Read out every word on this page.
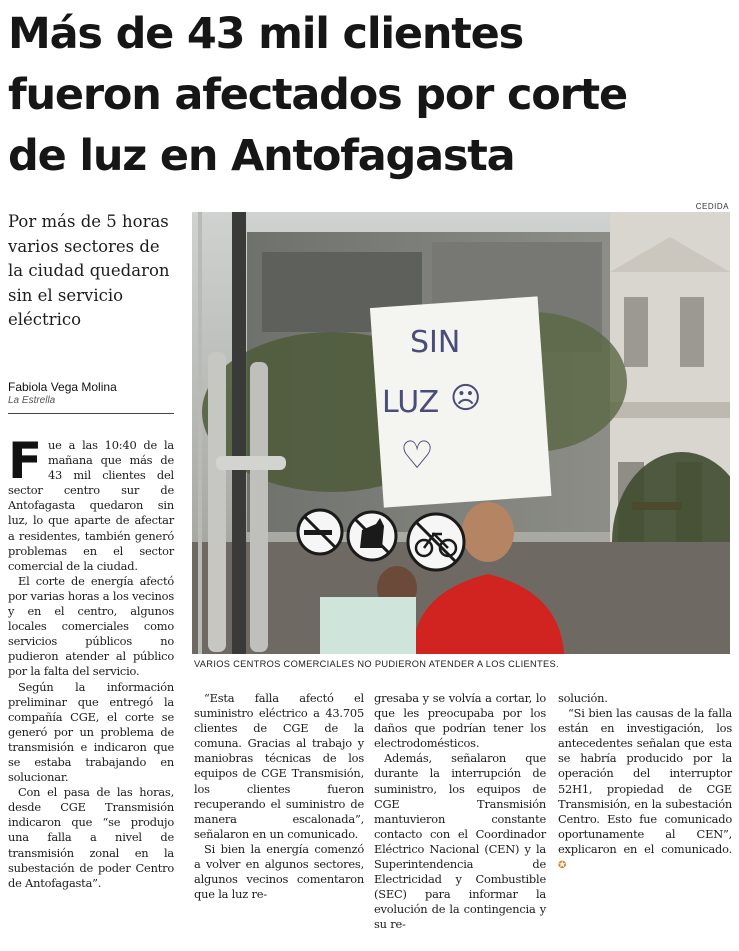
Más de 43 mil clientes
fueron afectados por corte
de luz en Antofagasta
CEDIDA
Por más de 5 horas varios sectores de la ciudad quedaron sin el servicio eléctrico
Fabiola Vega Molina
La Estrella
SIN
LUZ ☹
♡
VARIOS CENTROS COMERCIALES NO PUDIERON ATENDER A LOS CLIENTES.

Fue a las 10:40 de la mañana que más de 43 mil clientes del sector centro sur de Antofagasta quedaron sin luz, lo que aparte de afectar a residentes, también generó problemas en el sector comercial de la ciudad.

El corte de energía afectó por varias horas a los vecinos y en el centro, algunos locales comerciales como servicios públicos no pudieron atender al público por la falta del servicio.

Según la información preliminar que entregó la compañía CGE, el corte se generó por un problema de transmisión e indicaron que se estaba trabajando en solucionar.

Con el pasa de las horas, desde CGE Transmisión indicaron que “se produjo una falla a nivel de transmisión zonal en la subestación de poder Centro de Antofagasta”.

“Esta falla afectó el suministro eléctrico a 43.705 clientes de CGE de la comuna. Gracias al trabajo y maniobras técnicas de los equipos de CGE Transmisión, los clientes fueron recuperando el suministro de manera escalonada”, señalaron en un comunicado.

Si bien la energía comenzó a volver en algunos sectores, algunos vecinos comentaron que la luz re-

gresaba y se volvía a cortar, lo que les preocupaba por los daños que podrían tener los electrodomésticos.

Además, señalaron que durante la interrupción de suministro, los equipos de CGE Transmisión mantuvieron constante contacto con el Coordinador Eléctrico Nacional (CEN) y la Superintendencia de Electricidad y Combustible (SEC) para informar la evolución de la contingencia y su re-

solución.

“Si bien las causas de la falla están en investigación, los antecedentes señalan que esta se habría producido por la operación del interruptor 52H1, propiedad de CGE Transmisión, en la subestación Centro. Esto fue comunicado oportunamente al CEN”, explicaron en el comunicado. ✪
